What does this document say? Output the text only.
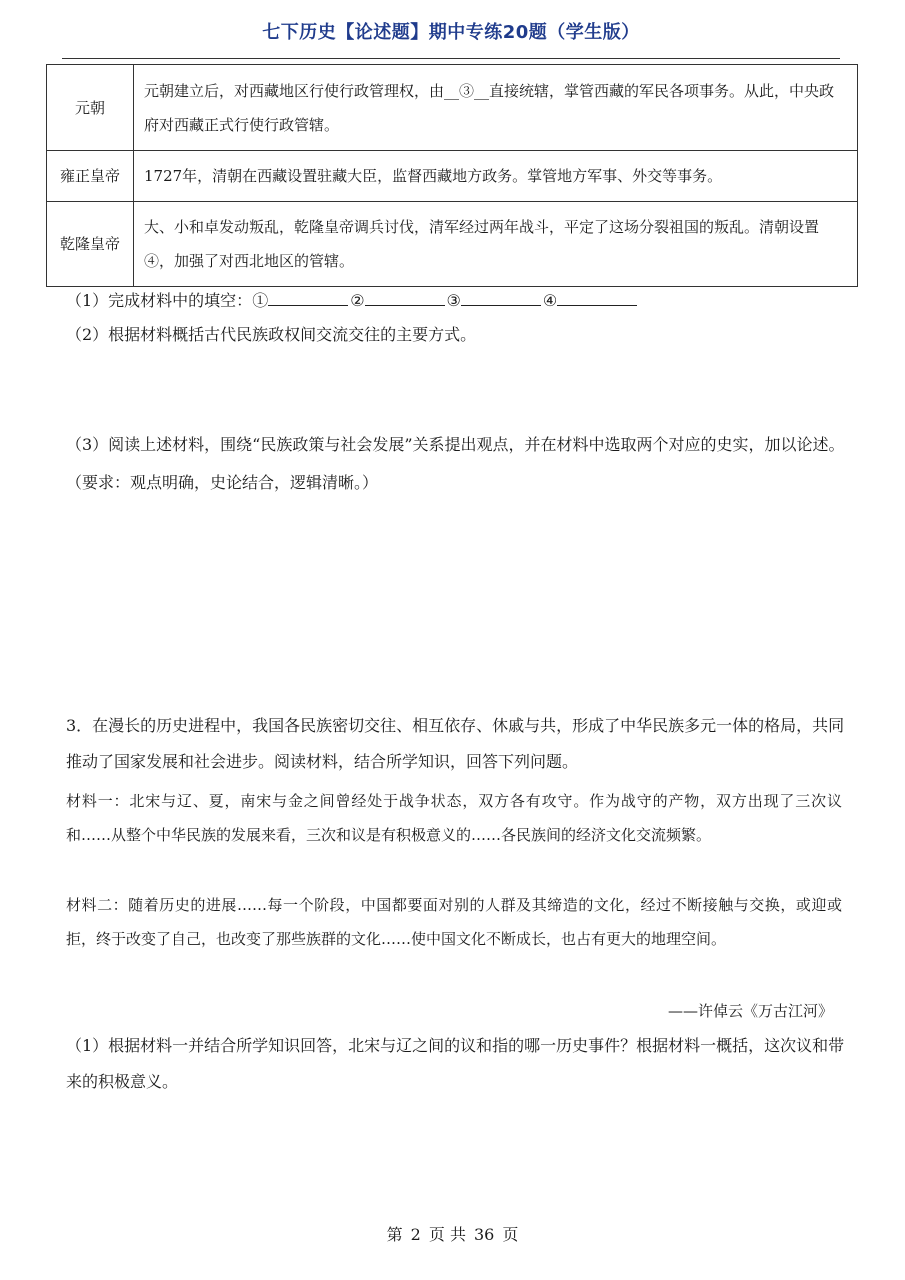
七下历史【论述题】期中专练20题（学生版）
元朝	元朝建立后，对西藏地区行使行政管理权，由__③__直接统辖，掌管西藏的军民各项事务。从此，中央政府对西藏正式行使行政管辖。
雍正皇帝	1727年，清朝在西藏设置驻藏大臣，监督西藏地方政务。掌管地方军事、外交等事务。
乾隆皇帝	大、小和卓发动叛乱，乾隆皇帝调兵讨伐，清军经过两年战斗，平定了这场分裂祖国的叛乱。清朝设置④，加强了对西北地区的管辖。
（1）完成材料中的填空：①	②	③	④
（2）根据材料概括古代民族政权间交流交往的主要方式。
（3）阅读上述材料，围绕“民族政策与社会发展”关系提出观点，并在材料中选取两个对应的史实，加以论述。（要求：观点明确，史论结合，逻辑清晰。）
3．在漫长的历史进程中，我国各民族密切交往、相互依存、休戚与共，形成了中华民族多元一体的格局，共同推动了国家发展和社会进步。阅读材料，结合所学知识，回答下列问题。
材料一：北宋与辽、夏，南宋与金之间曾经处于战争状态，双方各有攻守。作为战守的产物，双方出现了三次议和……从整个中华民族的发展来看，三次和议是有积极意义的……各民族间的经济文化交流频繁。
材料二：随着历史的进展……每一个阶段，中国都要面对别的人群及其缔造的文化，经过不断接触与交换，或迎或拒，终于改变了自己，也改变了那些族群的文化……使中国文化不断成长，也占有更大的地理空间。
——许倬云《万古江河》
（1）根据材料一并结合所学知识回答，北宋与辽之间的议和指的哪一历史事件？根据材料一概括，这次议和带来的积极意义。
第 2 页 共 36 页
